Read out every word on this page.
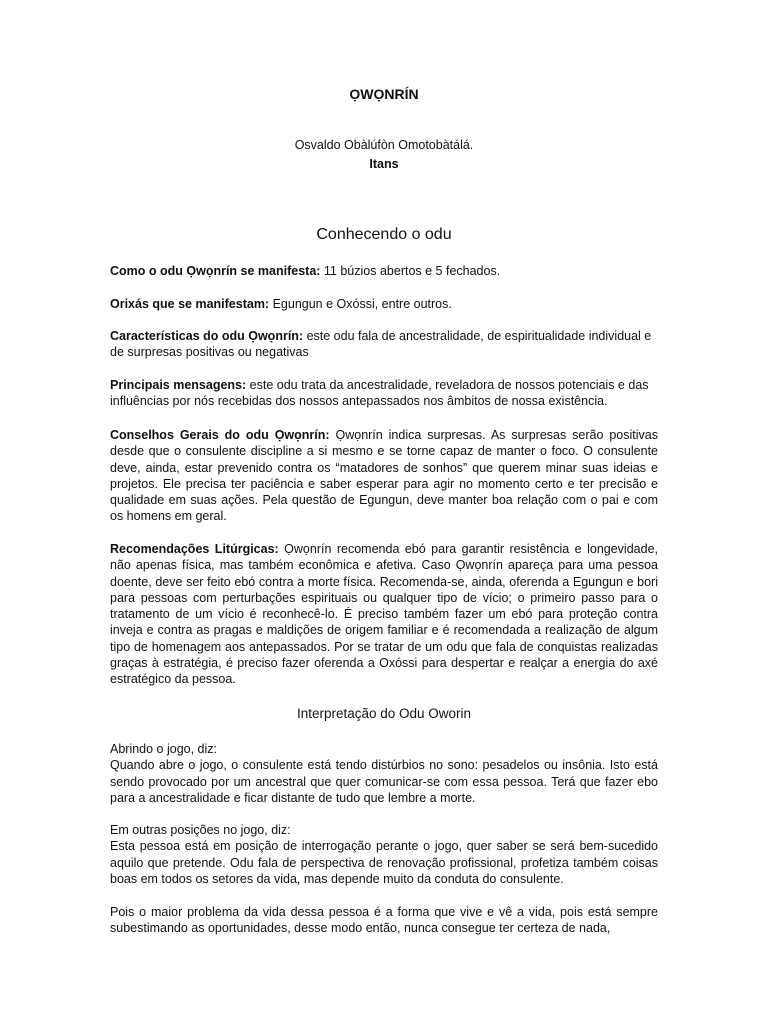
ỌWỌNRÍN
Osvaldo Obàlúfòn Omotobàtálá.
Itans
Conhecendo o odu
Como o odu Ọwọnrín se manifesta: 11 búzios abertos e 5 fechados.
Orixás que se manifestam: Egungun e Oxóssi, entre outros.
Características do odu Ọwọnrín: este odu fala de ancestralidade, de espiritualidade individual e de surpresas positivas ou negativas
Principais mensagens: este odu trata da ancestralidade, reveladora de nossos potenciais e das influências por nós recebidas dos nossos antepassados nos âmbitos de nossa existência.
Conselhos Gerais do odu Ọwọnrín: Ọwọnrín indica surpresas. As surpresas serão positivas desde que o consulente discipline a si mesmo e se torne capaz de manter o foco. O consulente deve, ainda, estar prevenido contra os “matadores de sonhos” que querem minar suas ideias e projetos. Ele precisa ter paciência e saber esperar para agir no momento certo e ter precisão e qualidade em suas ações. Pela questão de Egungun, deve manter boa relação com o pai e com os homens em geral.
Recomendações Litúrgicas: Ọwọnrín recomenda ebó para garantir resistência e longevidade, não apenas física, mas também econômica e afetiva. Caso Ọwọnrín apareça para uma pessoa doente, deve ser feito ebó contra a morte física. Recomenda-se, ainda, oferenda a Egungun e bori para pessoas com perturbações espirituais ou qualquer tipo de vício; o primeiro passo para o tratamento de um vício é reconhecê-lo. É preciso também fazer um ebó para proteção contra inveja e contra as pragas e maldições de origem familiar e é recomendada a realização de algum tipo de homenagem aos antepassados. Por se tratar de um odu que fala de conquistas realizadas graças à estratégia, é preciso fazer oferenda a Oxóssi para despertar e realçar a energia do axé estratégico da pessoa.
Interpretação do Odu Oworin
Abrindo o jogo, diz:
Quando abre o jogo, o consulente está tendo distúrbios no sono: pesadelos ou insônia. Isto está sendo provocado por um ancestral que quer comunicar-se com essa pessoa. Terá que fazer ebo para a ancestralidade e ficar distante de tudo que lembre a morte.
Em outras posições no jogo, diz:
Esta pessoa está em posição de interrogação perante o jogo, quer saber se será bem-sucedido aquilo que pretende. Odu fala de perspectiva de renovação profissional, profetiza também coisas boas em todos os setores da vida, mas depende muito da conduta do consulente.
Pois o maior problema da vida dessa pessoa é a forma que vive e vê a vida, pois está sempre subestimando as oportunidades, desse modo então, nunca consegue ter certeza de nada,
